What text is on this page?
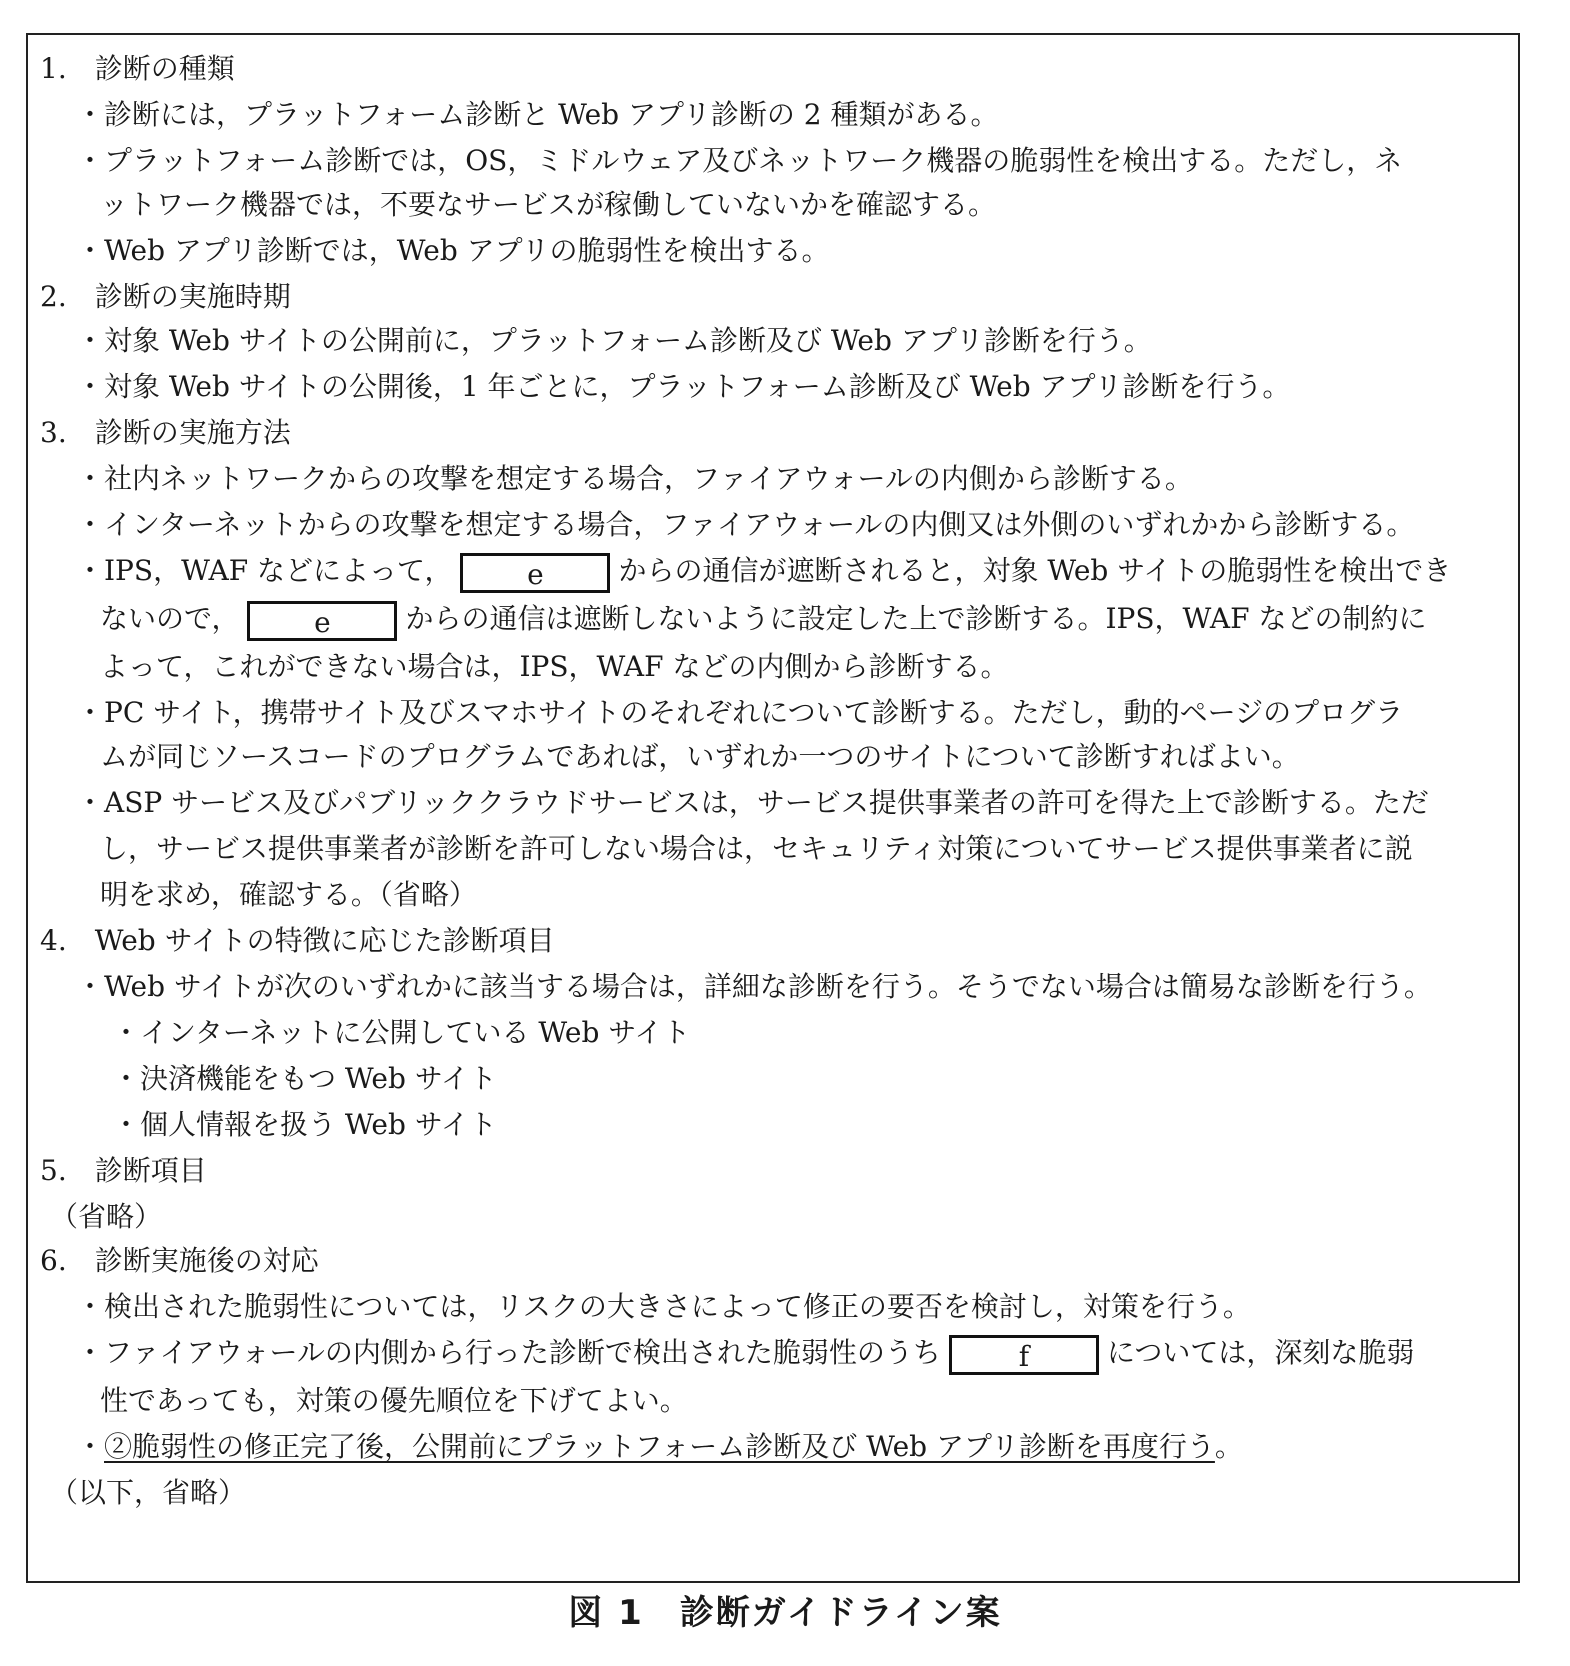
1.　診断の種類
・診断には，プラットフォーム診断と Web アプリ診断の 2 種類がある。
・プラットフォーム診断では，OS，ミドルウェア及びネットワーク機器の脆弱性を検出する。ただし，ネ
ットワーク機器では，不要なサービスが稼働していないかを確認する。
・Web アプリ診断では，Web アプリの脆弱性を検出する。
2.　診断の実施時期
・対象 Web サイトの公開前に，プラットフォーム診断及び Web アプリ診断を行う。
・対象 Web サイトの公開後，1 年ごとに，プラットフォーム診断及び Web アプリ診断を行う。
3.　診断の実施方法
・社内ネットワークからの攻撃を想定する場合，ファイアウォールの内側から診断する。
・インターネットからの攻撃を想定する場合，ファイアウォールの内側又は外側のいずれかから診断する。
・IPS，WAF などによって，	e	からの通信が遮断されると，対象 Web サイトの脆弱性を検出でき
ないので，	e	からの通信は遮断しないように設定した上で診断する。IPS，WAF などの制約に
よって，これができない場合は，IPS，WAF などの内側から診断する。
・PC サイト，携帯サイト及びスマホサイトのそれぞれについて診断する。ただし，動的ページのプログラ
ムが同じソースコードのプログラムであれば，いずれか一つのサイトについて診断すればよい。
・ASP サービス及びパブリッククラウドサービスは，サービス提供事業者の許可を得た上で診断する。ただ
し，サービス提供事業者が診断を許可しない場合は，セキュリティ対策についてサービス提供事業者に説
明を求め，確認する。（省略）
4.　Web サイトの特徴に応じた診断項目
・Web サイトが次のいずれかに該当する場合は，詳細な診断を行う。そうでない場合は簡易な診断を行う。
・インターネットに公開している Web サイト
・決済機能をもつ Web サイト
・個人情報を扱う Web サイト
5.　診断項目
（省略）
6.　診断実施後の対応
・検出された脆弱性については，リスクの大きさによって修正の要否を検討し，対策を行う。
・ファイアウォールの内側から行った診断で検出された脆弱性のうち	f	については，深刻な脆弱
性であっても，対策の優先順位を下げてよい。
・②脆弱性の修正完了後，公開前にプラットフォーム診断及び Web アプリ診断を再度行う。
（以下，省略）
図 1　診断ガイドライン案
